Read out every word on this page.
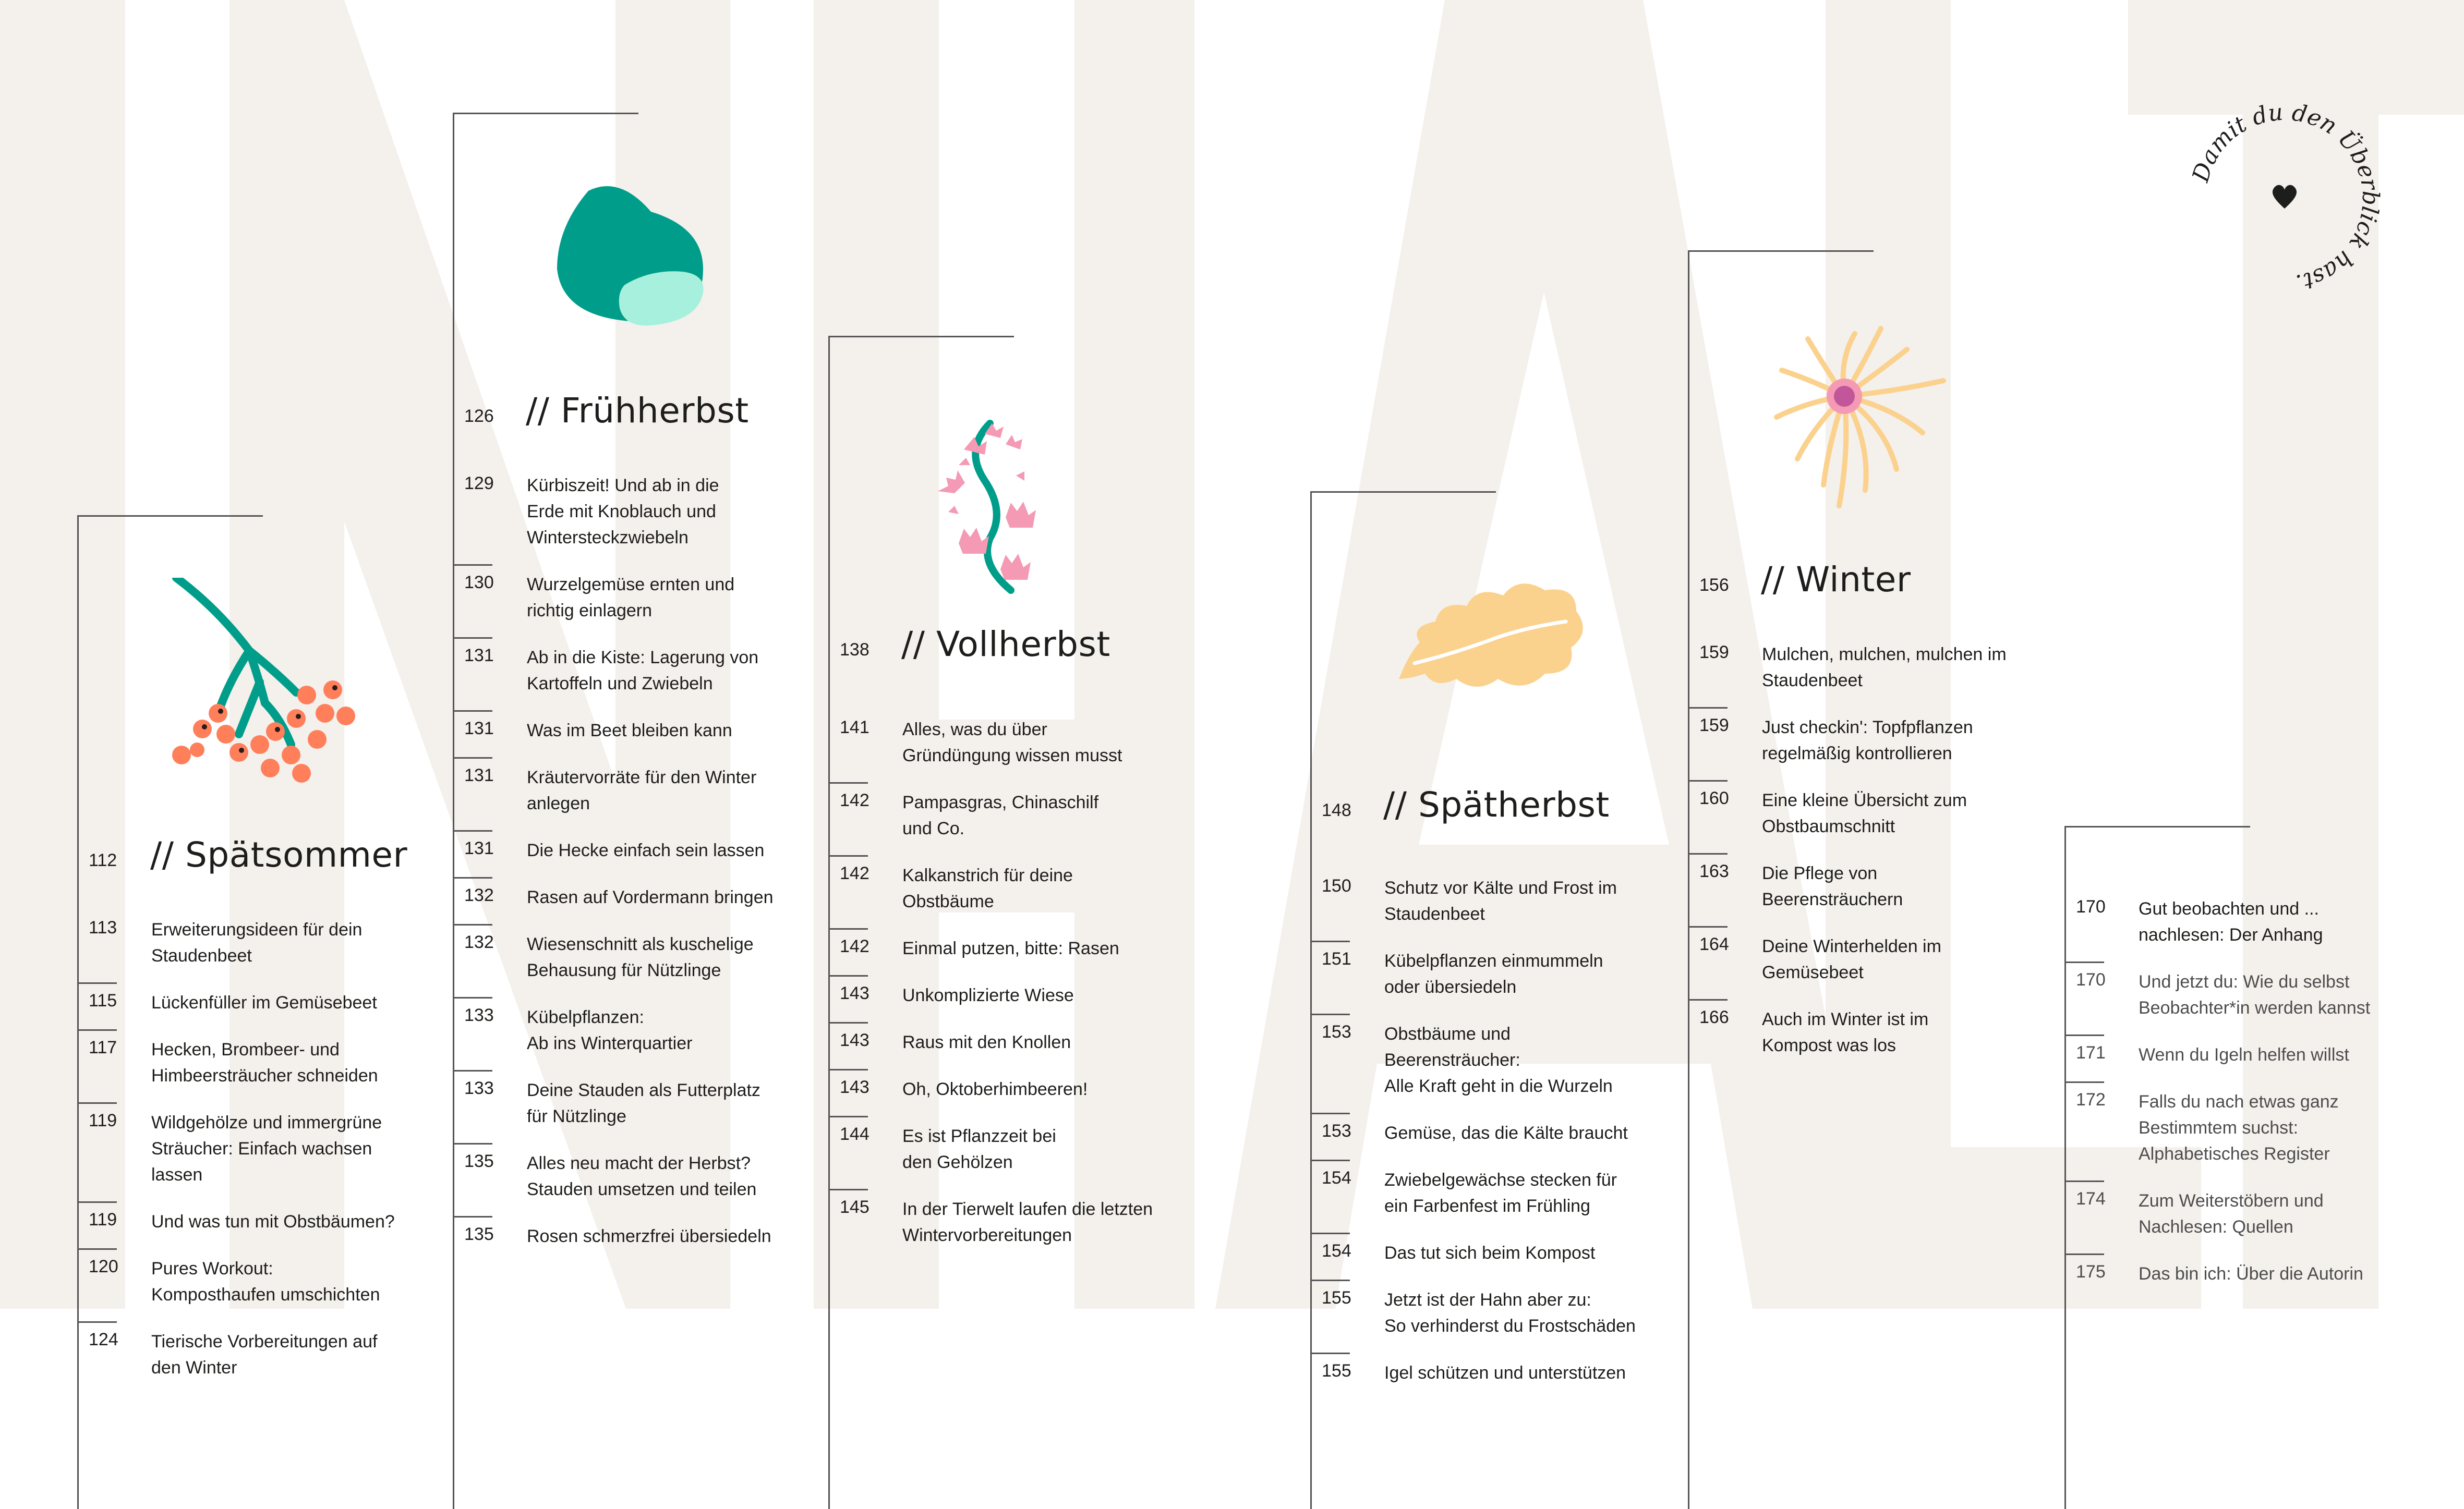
112 // Spätsommer
113 Erweiterungsideen für dein
Staudenbeet
115 Lückenfüller im Gemüsebeet
117 Hecken, Brombeer- und
Himbeersträucher schneiden
119 Wildgehölze und immergrüne
Sträucher: Einfach wachsen
lassen
119 Und was tun mit Obstbäumen?
120 Pures Workout:
Komposthaufen umschichten
124 Tierische Vorbereitungen auf
den Winter
126 // Frühherbst
129 Kürbiszeit! Und ab in die
Erde mit Knoblauch und
Wintersteckzwiebeln
130 Wurzelgemüse ernten und
richtig einlagern
131 Ab in die Kiste: Lagerung von
Kartoffeln und Zwiebeln
131 Was im Beet bleiben kann
131 Kräutervorräte für den Winter
anlegen
131 Die Hecke einfach sein lassen
132 Rasen auf Vordermann bringen
132 Wiesenschnitt als kuschelige
Behausung für Nützlinge
133 Kübelpflanzen:
Ab ins Winterquartier
133 Deine Stauden als Futterplatz
für Nützlinge
135 Alles neu macht der Herbst?
Stauden umsetzen und teilen
135 Rosen schmerzfrei übersiedeln
138 // Vollherbst
141 Alles, was du über
Gründüngung wissen musst
142 Pampasgras, Chinaschilf
und Co.
142 Kalkanstrich für deine
Obstbäume
142 Einmal putzen, bitte: Rasen
143 Unkomplizierte Wiese
143 Raus mit den Knollen
143 Oh, Oktoberhimbeeren!
144 Es ist Pflanzzeit bei
den Gehölzen
145 In der Tierwelt laufen die letzten
Wintervorbereitungen
148 // Spätherbst
150 Schutz vor Kälte und Frost im
Staudenbeet
151 Kübelpflanzen einmummeln
oder übersiedeln
153 Obstbäume und
Beerensträucher:
Alle Kraft geht in die Wurzeln
153 Gemüse, das die Kälte braucht
154 Zwiebelgewächse stecken für
ein Farbenfest im Frühling
154 Das tut sich beim Kompost
155 Jetzt ist der Hahn aber zu:
So verhinderst du Frostschäden
155 Igel schützen und unterstützen
156 // Winter
159 Mulchen, mulchen, mulchen im
Staudenbeet
159 Just checkin': Topfpflanzen
regelmäßig kontrollieren
160 Eine kleine Übersicht zum
Obstbaumschnitt
163 Die Pflege von
Beerensträuchern
164 Deine Winterhelden im
Gemüsebeet
166 Auch im Winter ist im
Kompost was los
170 Gut beobachten und ...
nachlesen: Der Anhang
170 Und jetzt du: Wie du selbst
Beobachter*in werden kannst
171 Wenn du Igeln helfen willst
172 Falls du nach etwas ganz
Bestimmtem suchst:
Alphabetisches Register
174 Zum Weiterstöbern und
Nachlesen: Quellen
175 Das bin ich: Über die Autorin
Damit du den Überblick hast.
